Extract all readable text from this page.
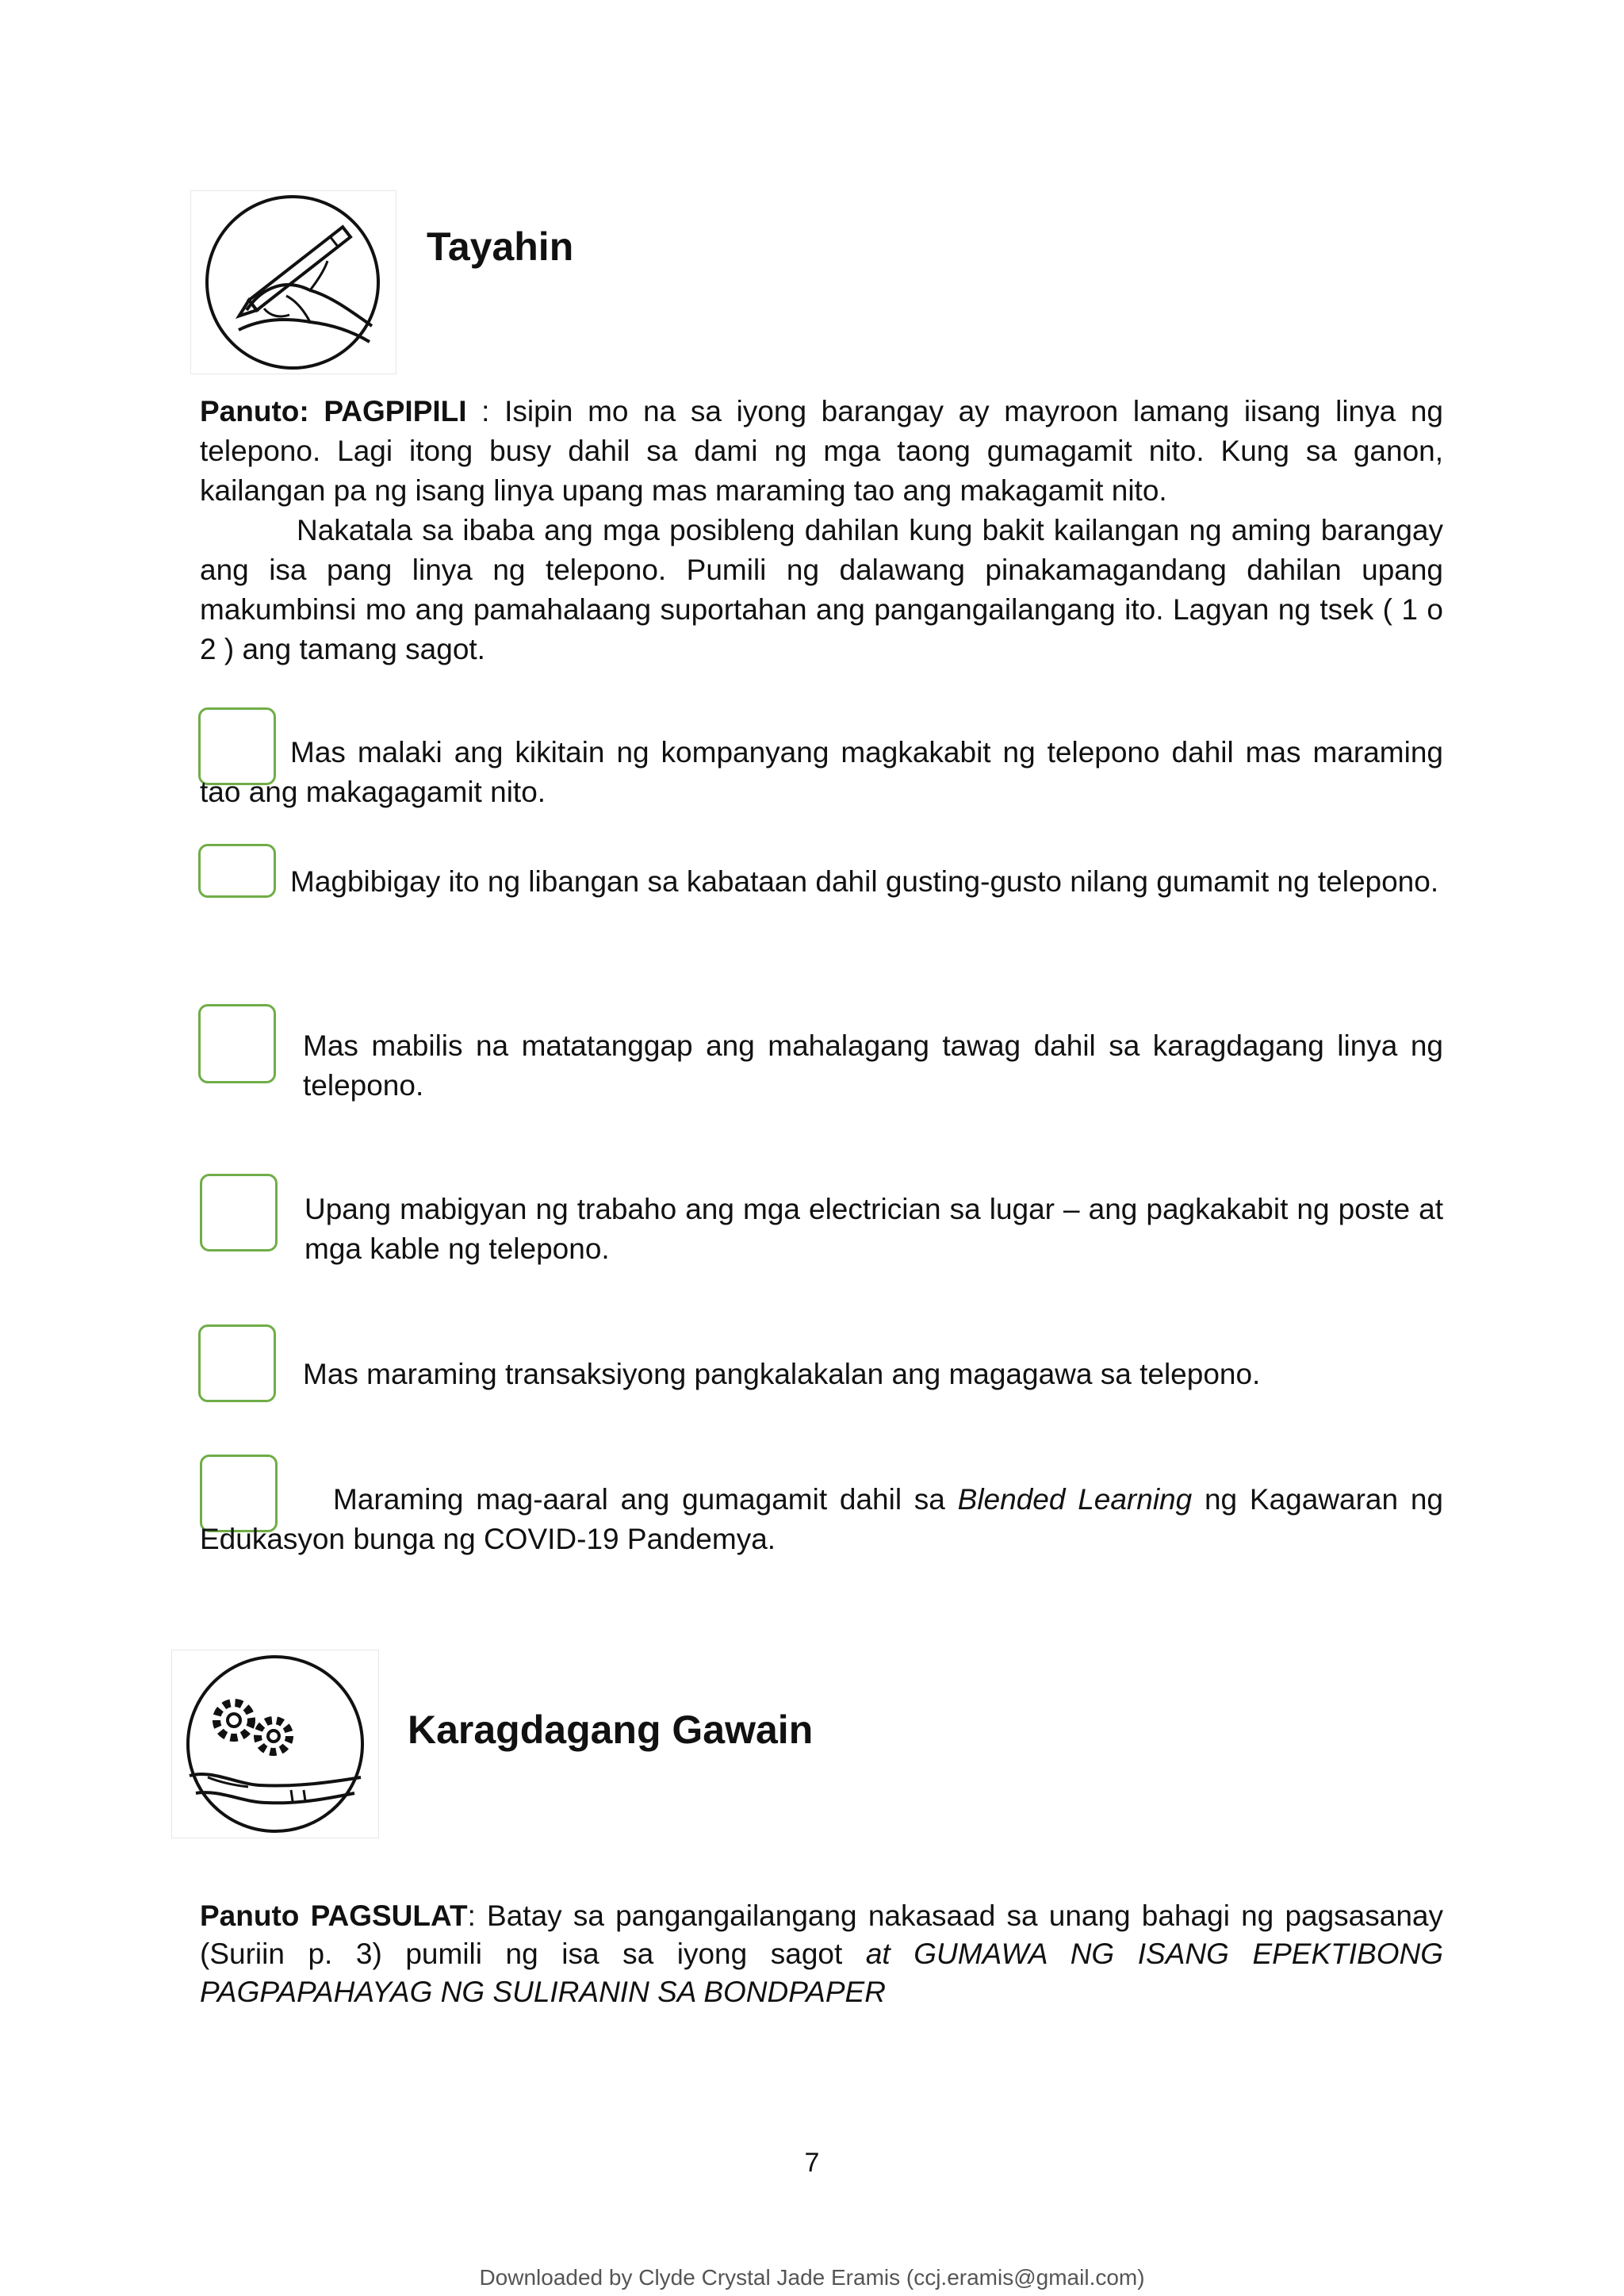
Tayahin

Panuto: PAGPIPILI : Isipin mo na sa iyong barangay ay mayroon lamang iisang linya ng telepono. Lagi itong busy dahil sa dami ng mga taong gumagamit nito. Kung sa ganon, kailangan pa ng isang linya upang mas maraming tao ang makagamit nito.

Nakatala sa ibaba ang mga posibleng dahilan kung bakit kailangan ng aming barangay ang isa pang linya ng telepono. Pumili ng dalawang pinakamagandang dahilan upang makumbinsi mo ang pamahalaang suportahan ang pangangailangang ito. Lagyan ng tsek ( 1 o 2 ) ang tamang sagot.

Mas malaki ang kikitain ng kompanyang magkakabit ng telepono dahil mas maraming tao ang makagagamit nito.

Magbibigay ito ng libangan sa kabataan dahil gusting-gusto nilang gumamit ng telepono.

Mas mabilis na matatanggap ang mahalagang tawag dahil sa karagdagang linya ng telepono.

Upang mabigyan ng trabaho ang mga electrician sa lugar – ang pagkakabit ng poste at mga kable ng telepono.

Mas maraming transaksiyong pangkalakalan ang magagawa sa telepono.

Maraming mag-aaral ang gumagamit dahil sa Blended Learning ng Kagawaran ng Edukasyon bunga ng COVID-19 Pandemya.

Karagdagang Gawain

Panuto PAGSULAT: Batay sa pangangailangang nakasaad sa unang bahagi ng pagsasanay (Suriin p. 3) pumili ng isa sa iyong sagot at GUMAWA NG ISANG EPEKTIBONG PAGPAPAHAYAG NG SULIRANIN SA BONDPAPER

7
Downloaded by Clyde Crystal Jade Eramis (ccj.eramis@gmail.com)
